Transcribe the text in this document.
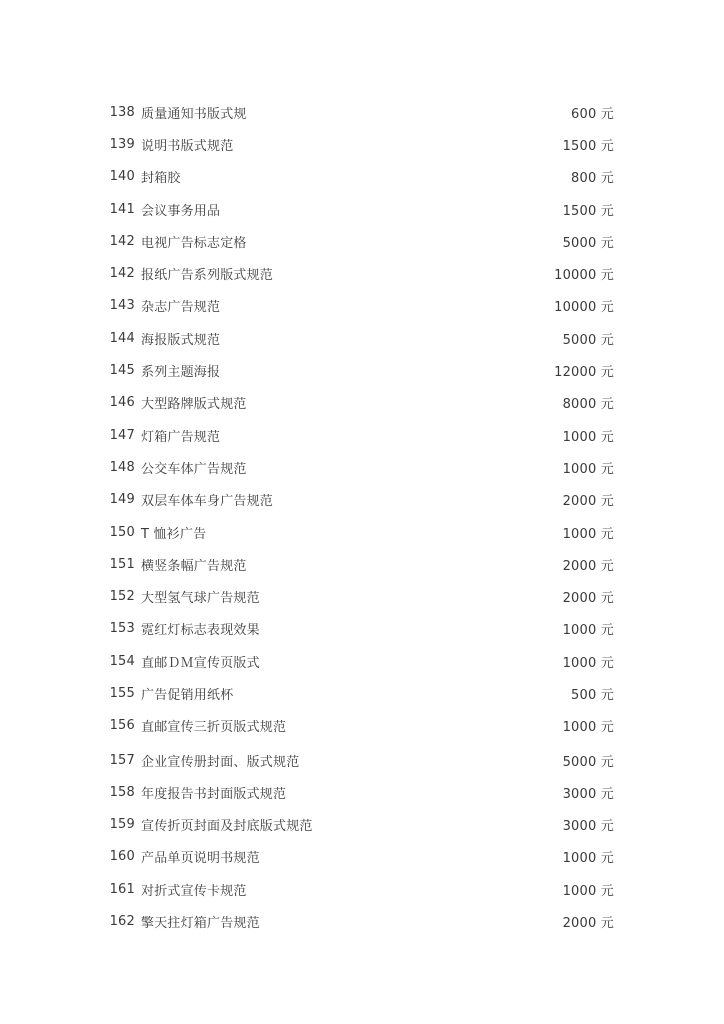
138 质量通知书版式规	600 元
139 说明书版式规范	1500 元
140 封箱胶	800 元
141 会议事务用品	1500 元
142 电视广告标志定格	5000 元
142 报纸广告系列版式规范	10000 元
143 杂志广告规范	10000 元
144 海报版式规范	5000 元
145 系列主题海报	12000 元
146 大型路牌版式规范	8000 元
147 灯箱广告规范	1000 元
148 公交车体广告规范	1000 元
149 双层车体车身广告规范	2000 元
150 T 恤衫广告	1000 元
151 横竖条幅广告规范	2000 元
152 大型氢气球广告规范	2000 元
153 霓红灯标志表现效果	1000 元
154 直邮ＤＭ宣传页版式	1000 元
155 广告促销用纸杯	500 元
156 直邮宣传三折页版式规范	1000 元
157 企业宣传册封面、版式规范	5000 元
158 年度报告书封面版式规范	3000 元
159 宣传折页封面及封底版式规范	3000 元
160 产品单页说明书规范	1000 元
161 对折式宣传卡规范	1000 元
162 擎天拄灯箱广告规范	2000 元
